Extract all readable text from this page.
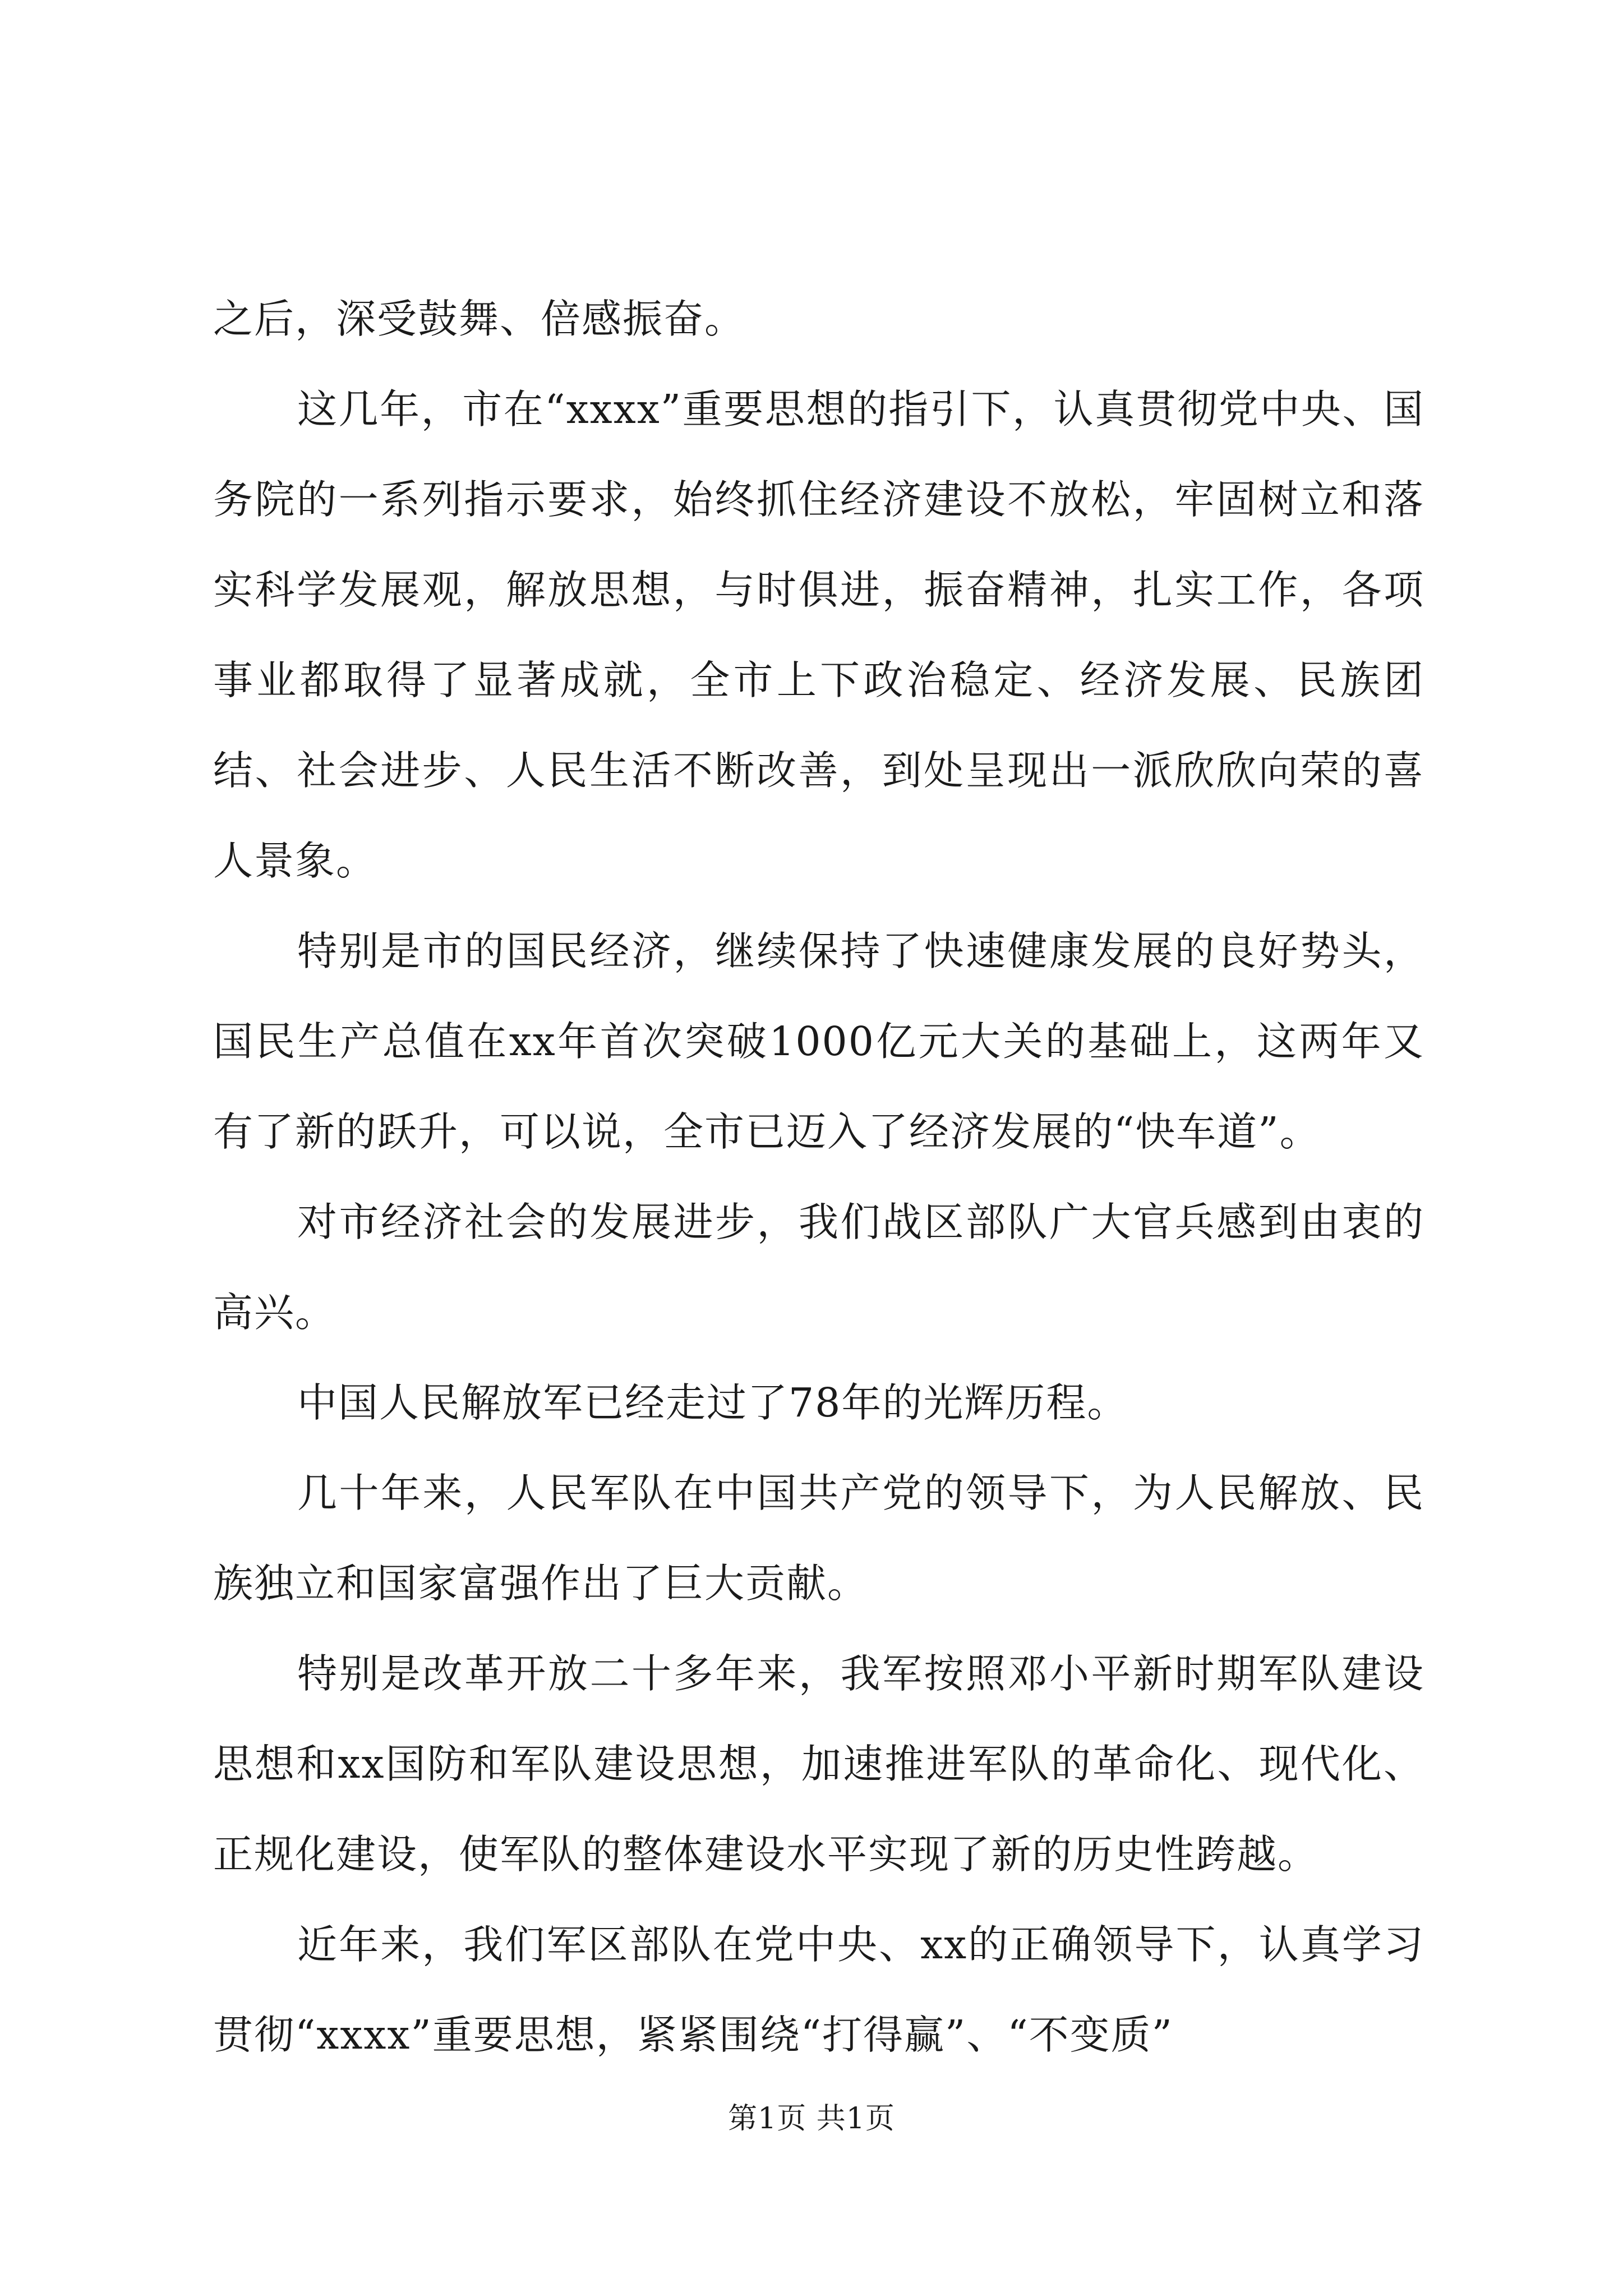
之后，深受鼓舞、倍感振奋。

这几年，市在“xxxx”重要思想的指引下，认真贯彻党中央、国务院的一系列指示要求，始终抓住经济建设不放松，牢固树立和落实科学发展观，解放思想，与时俱进，振奋精神，扎实工作，各项事业都取得了显著成就，全市上下政治稳定、经济发展、民族团结、社会进步、人民生活不断改善，到处呈现出一派欣欣向荣的喜人景象。

特别是市的国民经济，继续保持了快速健康发展的良好势头，国民生产总值在xx年首次突破1000亿元大关的基础上，这两年又有了新的跃升，可以说，全市已迈入了经济发展的“快车道”。

对市经济社会的发展进步，我们战区部队广大官兵感到由衷的高兴。

中国人民解放军已经走过了78年的光辉历程。

几十年来，人民军队在中国共产党的领导下，为人民解放、民族独立和国家富强作出了巨大贡献。

特别是改革开放二十多年来，我军按照邓小平新时期军队建设思想和xx国防和军队建设思想，加速推进军队的革命化、现代化、正规化建设，使军队的整体建设水平实现了新的历史性跨越。

近年来，我们军区部队在党中央、xx的正确领导下，认真学习贯彻“xxxx”重要思想，紧紧围绕“打得赢”、“不变质”

第1页 共1页
